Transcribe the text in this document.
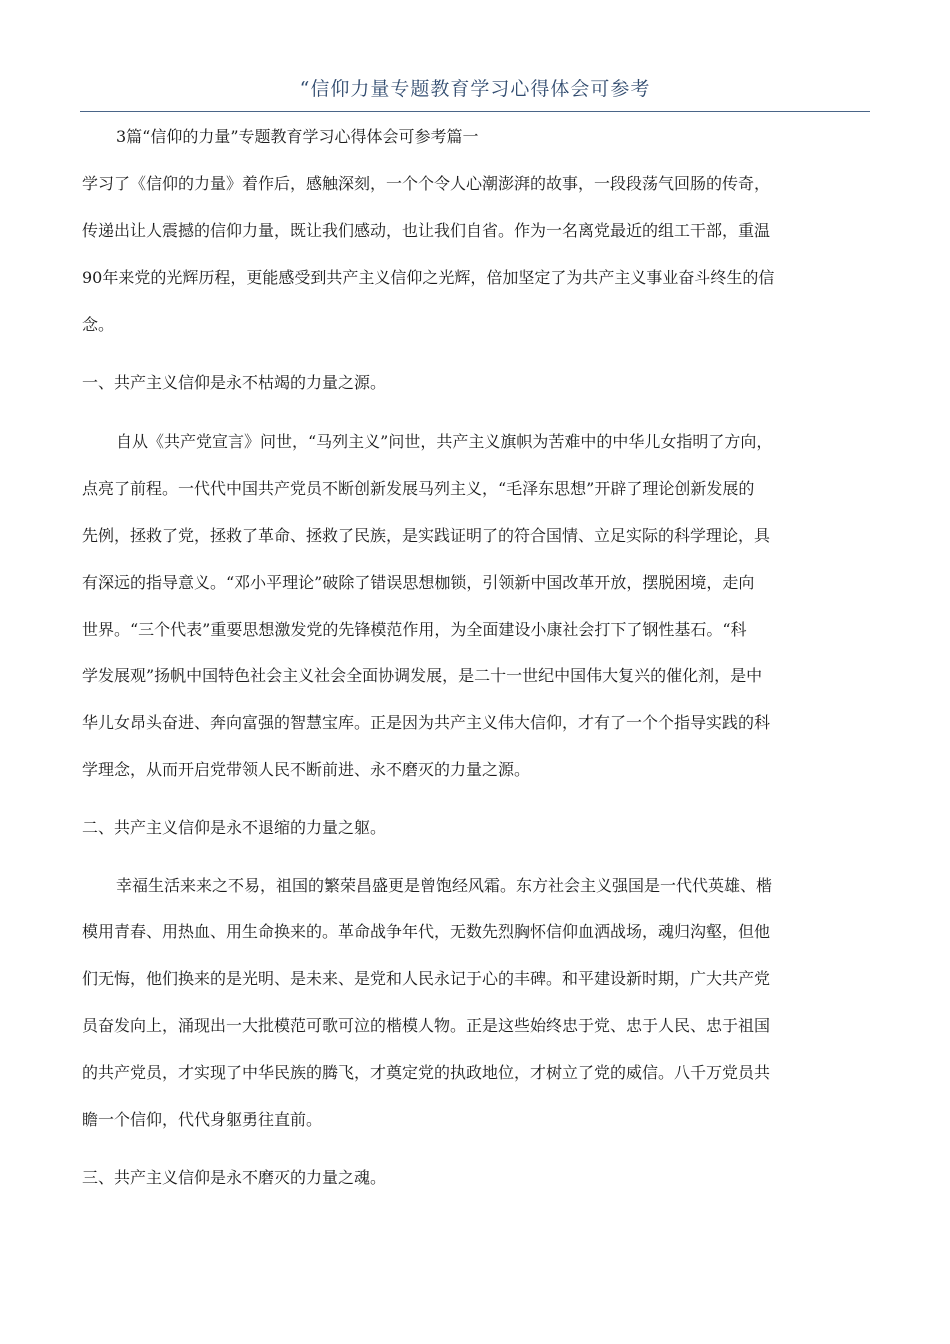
“信仰力量专题教育学习心得体会可参考
3篇“信仰的力量”专题教育学习心得体会可参考篇一
学习了《信仰的力量》着作后，感触深刻，一个个令人心潮澎湃的故事，一段段荡气回肠的传奇，
传递出让人震撼的信仰力量，既让我们感动，也让我们自省。作为一名离党最近的组工干部，重温
90年来党的光辉历程，更能感受到共产主义信仰之光辉，倍加坚定了为共产主义事业奋斗终生的信
念。
一、共产主义信仰是永不枯竭的力量之源。
自从《共产党宣言》问世，“马列主义”问世，共产主义旗帜为苦难中的中华儿女指明了方向，
点亮了前程。一代代中国共产党员不断创新发展马列主义，“毛泽东思想”开辟了理论创新发展的
先例，拯救了党，拯救了革命、拯救了民族，是实践证明了的符合国情、立足实际的科学理论，具
有深远的指导意义。“邓小平理论”破除了错误思想枷锁，引领新中国改革开放，摆脱困境，走向
世界。“三个代表”重要思想激发党的先锋模范作用，为全面建设小康社会打下了钢性基石。“科
学发展观”扬帆中国特色社会主义社会全面协调发展，是二十一世纪中国伟大复兴的催化剂，是中
华儿女昂头奋进、奔向富强的智慧宝库。正是因为共产主义伟大信仰，才有了一个个指导实践的科
学理念，从而开启党带领人民不断前进、永不磨灭的力量之源。
二、共产主义信仰是永不退缩的力量之躯。
幸福生活来来之不易，祖国的繁荣昌盛更是曾饱经风霜。东方社会主义强国是一代代英雄、楷
模用青春、用热血、用生命换来的。革命战争年代，无数先烈胸怀信仰血洒战场，魂归沟壑，但他
们无悔，他们换来的是光明、是未来、是党和人民永记于心的丰碑。和平建设新时期，广大共产党
员奋发向上，涌现出一大批模范可歌可泣的楷模人物。正是这些始终忠于党、忠于人民、忠于祖国
的共产党员，才实现了中华民族的腾飞，才奠定党的执政地位，才树立了党的威信。八千万党员共
瞻一个信仰，代代身躯勇往直前。
三、共产主义信仰是永不磨灭的力量之魂。
